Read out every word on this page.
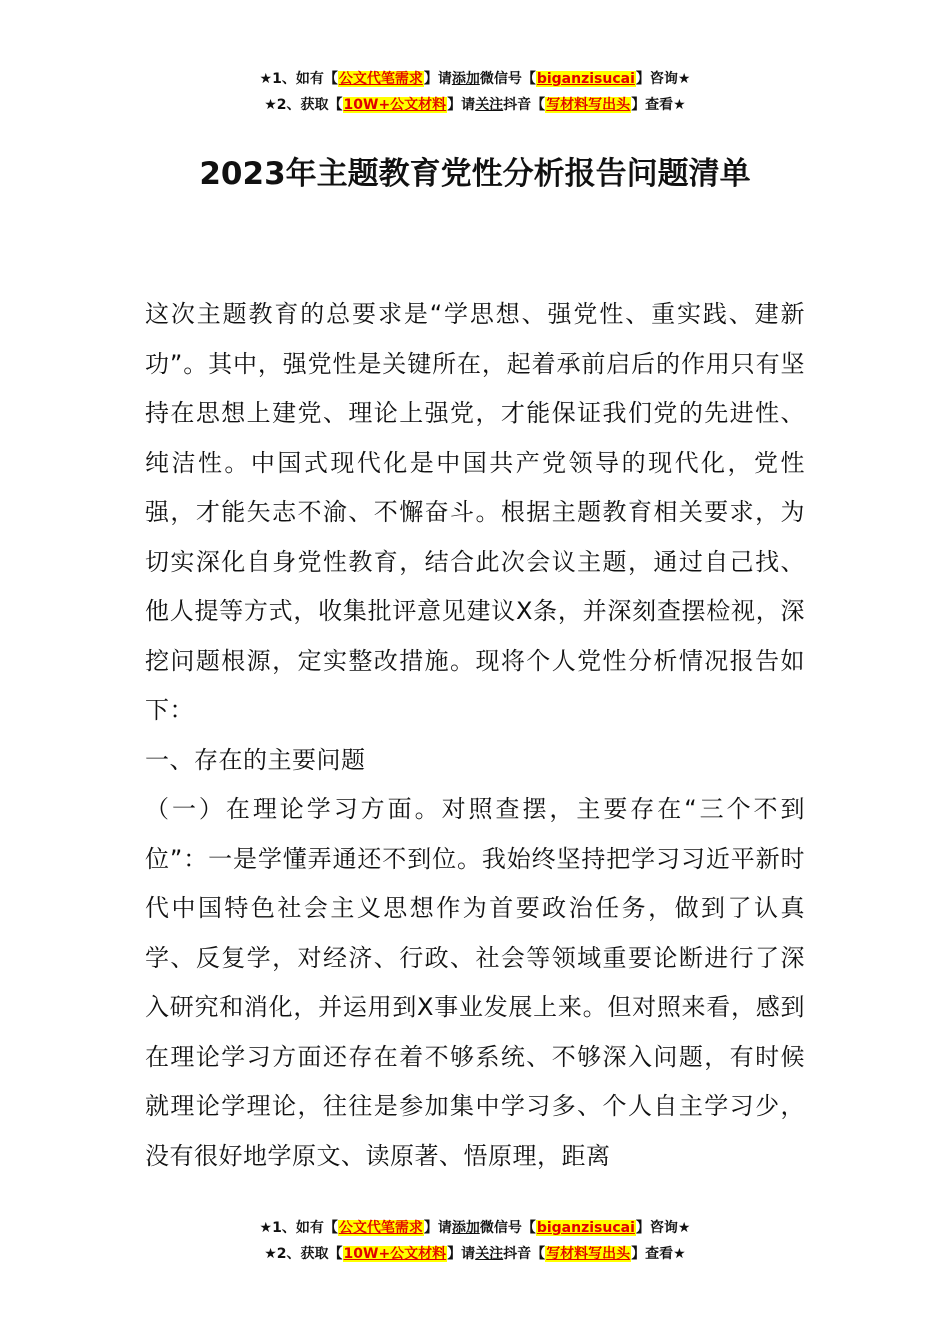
★1、如有【公文代笔需求】请添加微信号【biganzisucai】咨询★
★2、获取【10W+公文材料】请关注抖音【写材料写出头】查看★
2023年主题教育党性分析报告问题清单

这次主题教育的总要求是“学思想、强党性、重实践、建新功”。其中，强党性是关键所在，起着承前启后的作用只有坚持在思想上建党、理论上强党，才能保证我们党的先进性、纯洁性。中国式现代化是中国共产党领导的现代化，党性强，才能矢志不渝、不懈奋斗。根据主题教育相关要求，为切实深化自身党性教育，结合此次会议主题，通过自己找、他人提等方式，收集批评意见建议X条，并深刻查摆检视，深挖问题根源，定实整改措施。现将个人党性分析情况报告如下：

一、存在的主要问题

（一）在理论学习方面。对照查摆，主要存在“三个不到位”：一是学懂弄通还不到位。我始终坚持把学习习近平新时代中国特色社会主义思想作为首要政治任务，做到了认真学、反复学，对经济、行政、社会等领域重要论断进行了深入研究和消化，并运用到X事业发展上来。但对照来看，感到在理论学习方面还存在着不够系统、不够深入问题，有时候就理论学理论，往往是参加集中学习多、个人自主学习少，没有很好地学原文、读原著、悟原理，距离

★1、如有【公文代笔需求】请添加微信号【biganzisucai】咨询★
★2、获取【10W+公文材料】请关注抖音【写材料写出头】查看★
